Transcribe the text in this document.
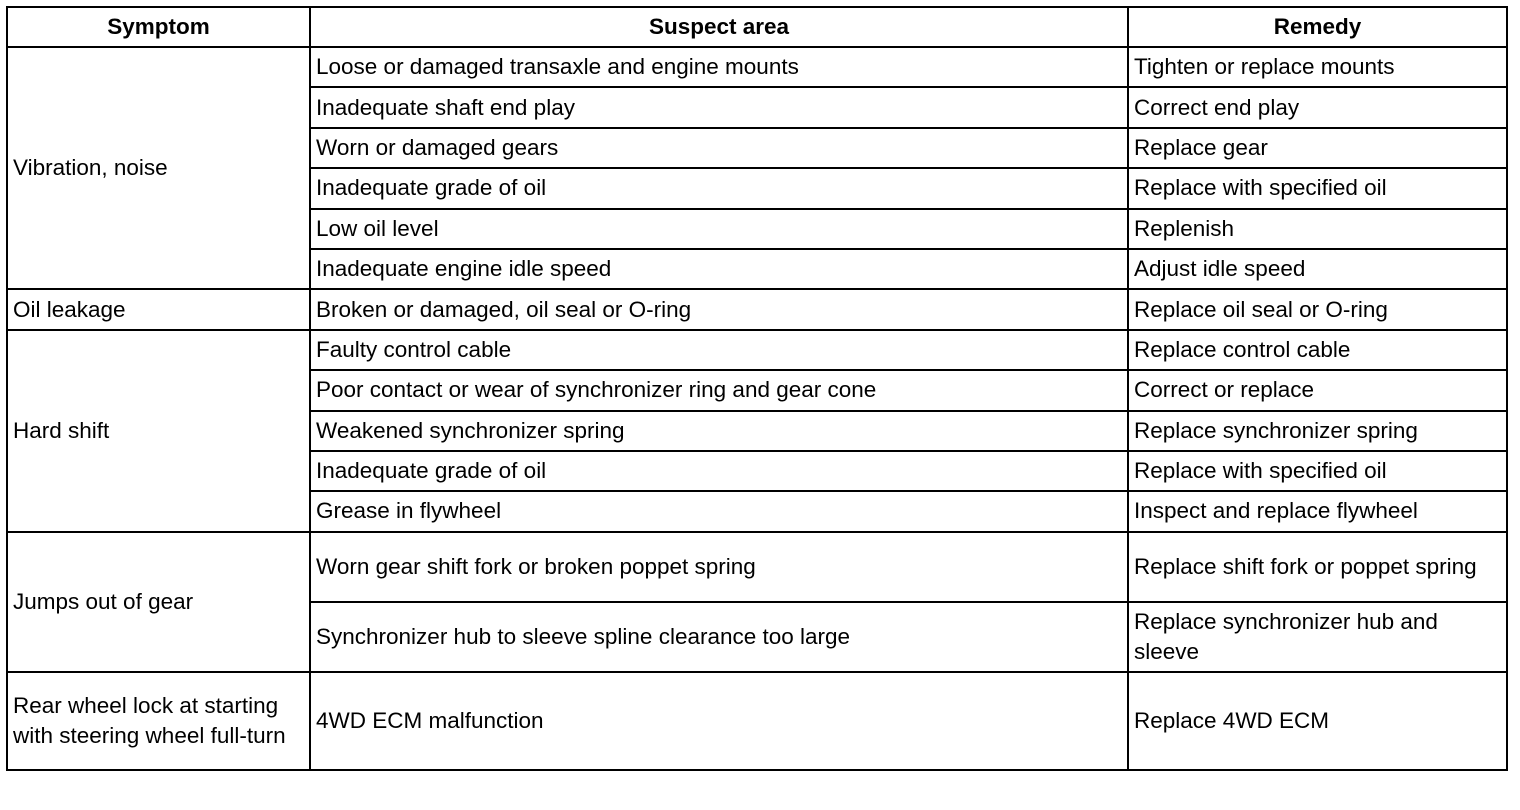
Symptom	Suspect area	Remedy
Vibration, noise	Loose or damaged transaxle and engine mounts	Tighten or replace mounts
	Inadequate shaft end play	Correct end play
	Worn or damaged gears	Replace gear
	Inadequate grade of oil	Replace with specified oil
	Low oil level	Replenish
	Inadequate engine idle speed	Adjust idle speed
Oil leakage	Broken or damaged, oil seal or O-ring	Replace oil seal or O-ring
Hard shift	Faulty control cable	Replace control cable
	Poor contact or wear of synchronizer ring and gear cone	Correct or replace
	Weakened synchronizer spring	Replace synchronizer spring
	Inadequate grade of oil	Replace with specified oil
	Grease in flywheel	Inspect and replace flywheel
Jumps out of gear	Worn gear shift fork or broken poppet spring	Replace shift fork or poppet spring
	Synchronizer hub to sleeve spline clearance too large	Replace synchronizer hub and sleeve
Rear wheel lock at starting with steering wheel full-turn	4WD ECM malfunction	Replace 4WD ECM
